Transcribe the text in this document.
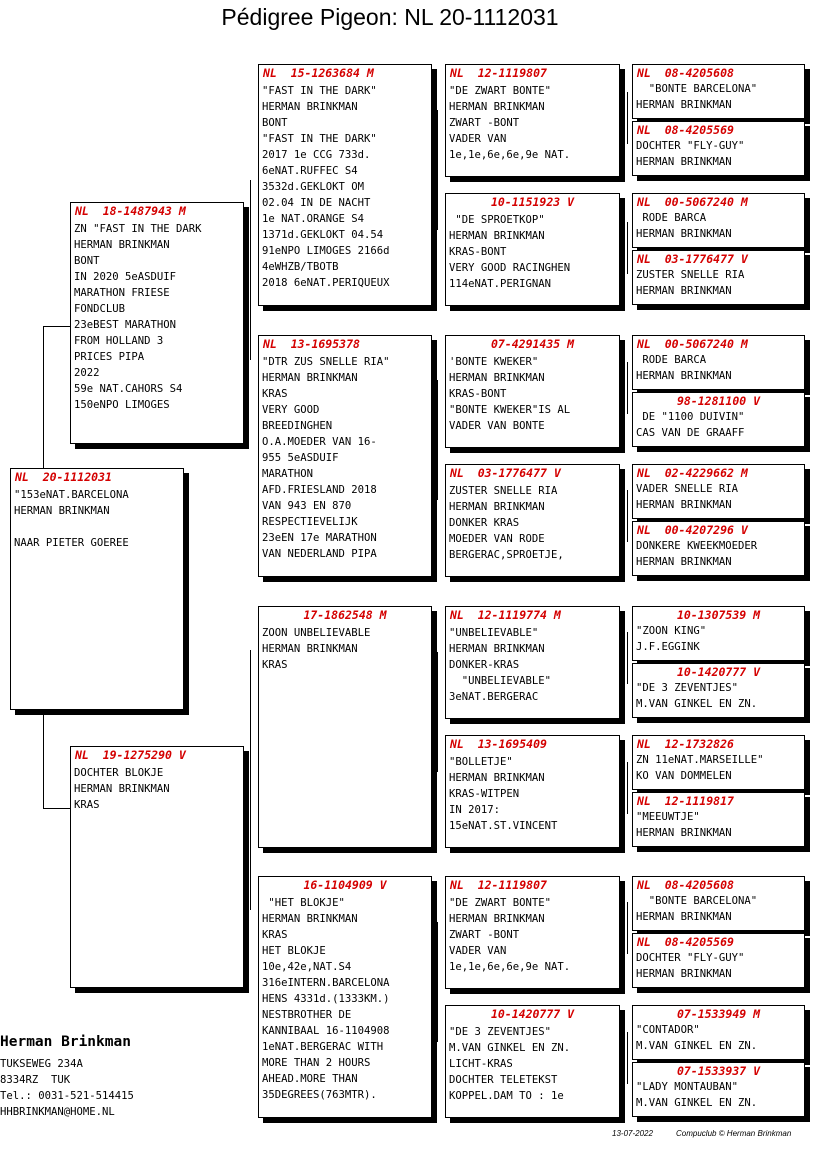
Pédigree Pigeon: NL 20-1112031
NL  20-1112031
"153eNAT.BARCELONA
HERMAN BRINKMAN

NAAR PIETER GOEREE
NL  18-1487943 M
ZN "FAST IN THE DARK
HERMAN BRINKMAN
BONT
IN 2020 5eASDUIF
MARATHON FRIESE
FONDCLUB
23eBEST MARATHON
FROM HOLLAND 3
PRICES PIPA
2022
59e NAT.CAHORS S4
150eNPO LIMOGES
NL  19-1275290 V
DOCHTER BLOKJE
HERMAN BRINKMAN
KRAS
NL  15-1263684 M
"FAST IN THE DARK"
HERMAN BRINKMAN
BONT
"FAST IN THE DARK"
2017 1e CCG 733d.
6eNAT.RUFFEC S4
3532d.GEKLOKT OM
02.04 IN DE NACHT
1e NAT.ORANGE S4
1371d.GEKLOKT 04.54
91eNPO LIMOGES 2166d
4eWHZB/TBOTB
2018 6eNAT.PERIQUEUX
NL  13-1695378
"DTR ZUS SNELLE RIA"
HERMAN BRINKMAN
KRAS
VERY GOOD
BREEDINGHEN
O.A.MOEDER VAN 16-
955 5eASDUIF
MARATHON
AFD.FRIESLAND 2018
VAN 943 EN 870
RESPECTIEVELIJK
23eEN 17e MARATHON
VAN NEDERLAND PIPA
17-1862548 M
ZOON UNBELIEVABLE
HERMAN BRINKMAN
KRAS
16-1104909 V
"HET BLOKJE"
HERMAN BRINKMAN
KRAS
HET BLOKJE
10e,42e,NAT.S4
316eINTERN.BARCELONA
HENS 4331d.(1333KM.)
NESTBROTHER DE
KANNIBAAL 16-1104908
1eNAT.BERGERAC WITH
MORE THAN 2 HOURS
AHEAD.MORE THAN
35DEGREES(763MTR).
NL  12-1119807
"DE ZWART BONTE"
HERMAN BRINKMAN
ZWART -BONT
VADER VAN
1e,1e,6e,6e,9e NAT.
10-1151923 V
"DE SPROETKOP"
HERMAN BRINKMAN
KRAS-BONT
VERY GOOD RACINGHEN
114eNAT.PERIGNAN
07-4291435 M
'BONTE KWEKER"
HERMAN BRINKMAN
KRAS-BONT
"BONTE KWEKER"IS AL
VADER VAN BONTE
NL  03-1776477 V
ZUSTER SNELLE RIA
HERMAN BRINKMAN
DONKER KRAS
MOEDER VAN RODE
BERGERAC,SPROETJE,
NL  12-1119774 M
"UNBELIEVABLE"
HERMAN BRINKMAN
DONKER-KRAS
"UNBELIEVABLE"
3eNAT.BERGERAC
NL  13-1695409
"BOLLETJE"
HERMAN BRINKMAN
KRAS-WITPEN
IN 2017:
15eNAT.ST.VINCENT
NL  12-1119807
"DE ZWART BONTE"
HERMAN BRINKMAN
ZWART -BONT
VADER VAN
1e,1e,6e,6e,9e NAT.
10-1420777 V
"DE 3 ZEVENTJES"
M.VAN GINKEL EN ZN.
LICHT-KRAS
DOCHTER TELETEKST
KOPPEL.DAM TO : 1e
NL  08-4205608
"BONTE BARCELONA"
HERMAN BRINKMAN
NL  08-4205569
DOCHTER "FLY-GUY"
HERMAN BRINKMAN
NL  00-5067240 M
RODE BARCA
HERMAN BRINKMAN
NL  03-1776477 V
ZUSTER SNELLE RIA
HERMAN BRINKMAN
NL  00-5067240 M
RODE BARCA
HERMAN BRINKMAN
98-1281100 V
DE "1100 DUIVIN"
CAS VAN DE GRAAFF
NL  02-4229662 M
VADER SNELLE RIA
HERMAN BRINKMAN
NL  00-4207296 V
DONKERE KWEEKMOEDER
HERMAN BRINKMAN
10-1307539 M
"ZOON KING"
J.F.EGGINK
10-1420777 V
"DE 3 ZEVENTJES"
M.VAN GINKEL EN ZN.
NL  12-1732826
ZN 11eNAT.MARSEILLE"
KO VAN DOMMELEN
NL  12-1119817
"MEEUWTJE"
HERMAN BRINKMAN
NL  08-4205608
"BONTE BARCELONA"
HERMAN BRINKMAN
NL  08-4205569
DOCHTER "FLY-GUY"
HERMAN BRINKMAN
07-1533949 M
"CONTADOR"
M.VAN GINKEL EN ZN.
07-1533937 V
"LADY MONTAUBAN"
M.VAN GINKEL EN ZN.
Herman Brinkman
TUKSEWEG 234A
8334RZ  TUK
Tel.: 0031-521-514415
HHBRINKMAN@HOME.NL
13-07-2022	Compuclub © Herman Brinkman
